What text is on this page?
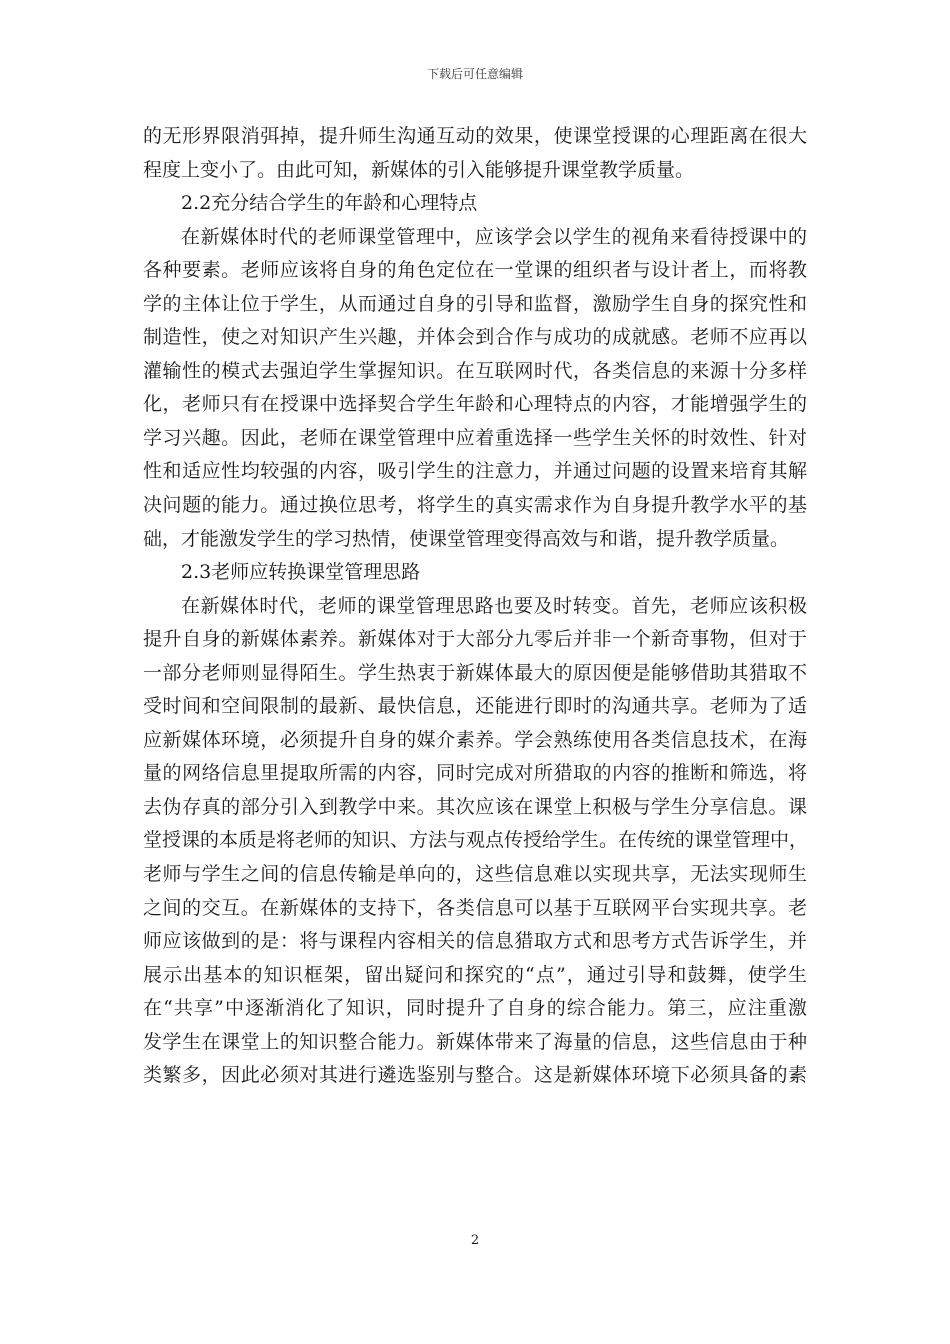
下载后可任意编辑
的无形界限消弭掉，提升师生沟通互动的效果，使课堂授课的心理距离在很大
程度上变小了。由此可知，新媒体的引入能够提升课堂教学质量。
2.2充分结合学生的年龄和心理特点
在新媒体时代的老师课堂管理中，应该学会以学生的视角来看待授课中的
各种要素。老师应该将自身的角色定位在一堂课的组织者与设计者上，而将教
学的主体让位于学生，从而通过自身的引导和监督，激励学生自身的探究性和
制造性，使之对知识产生兴趣，并体会到合作与成功的成就感。老师不应再以
灌输性的模式去强迫学生掌握知识。在互联网时代，各类信息的来源十分多样
化，老师只有在授课中选择契合学生年龄和心理特点的内容，才能增强学生的
学习兴趣。因此，老师在课堂管理中应着重选择一些学生关怀的时效性、针对
性和适应性均较强的内容，吸引学生的注意力，并通过问题的设置来培育其解
决问题的能力。通过换位思考，将学生的真实需求作为自身提升教学水平的基
础，才能激发学生的学习热情，使课堂管理变得高效与和谐，提升教学质量。
2.3老师应转换课堂管理思路
在新媒体时代，老师的课堂管理思路也要及时转变。首先，老师应该积极
提升自身的新媒体素养。新媒体对于大部分九零后并非一个新奇事物，但对于
一部分老师则显得陌生。学生热衷于新媒体最大的原因便是能够借助其猎取不
受时间和空间限制的最新、最快信息，还能进行即时的沟通共享。老师为了适
应新媒体环境，必须提升自身的媒介素养。学会熟练使用各类信息技术，在海
量的网络信息里提取所需的内容，同时完成对所猎取的内容的推断和筛选，将
去伪存真的部分引入到教学中来。其次应该在课堂上积极与学生分享信息。课
堂授课的本质是将老师的知识、方法与观点传授给学生。在传统的课堂管理中，
老师与学生之间的信息传输是单向的，这些信息难以实现共享，无法实现师生
之间的交互。在新媒体的支持下，各类信息可以基于互联网平台实现共享。老
师应该做到的是：将与课程内容相关的信息猎取方式和思考方式告诉学生，并
展示出基本的知识框架，留出疑问和探究的“点”，通过引导和鼓舞，使学生
在“共享”中逐渐消化了知识，同时提升了自身的综合能力。第三，应注重激
发学生在课堂上的知识整合能力。新媒体带来了海量的信息，这些信息由于种
类繁多，因此必须对其进行遴选鉴别与整合。这是新媒体环境下必须具备的素
2
